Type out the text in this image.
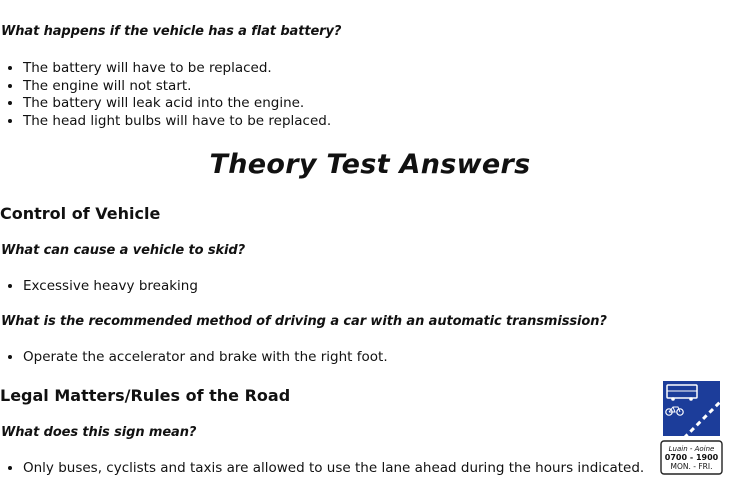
What happens if the vehicle has a flat battery?

• The battery will have to be replaced.
• The engine will not start.
• The battery will leak acid into the engine.
• The head light bulbs will have to be replaced.
Theory Test Answers
Control of Vehicle

What can cause a vehicle to skid?

• Excessive heavy breaking

What is the recommended method of driving a car with an automatic transmission?

• Operate the accelerator and brake with the right foot.
Legal Matters/Rules of the Road

What does this sign mean?

• Only buses, cyclists and taxis are allowed to use the lane ahead during the hours indicated.
Luain - Aoine
0700 - 1900
MON. - FRI.
